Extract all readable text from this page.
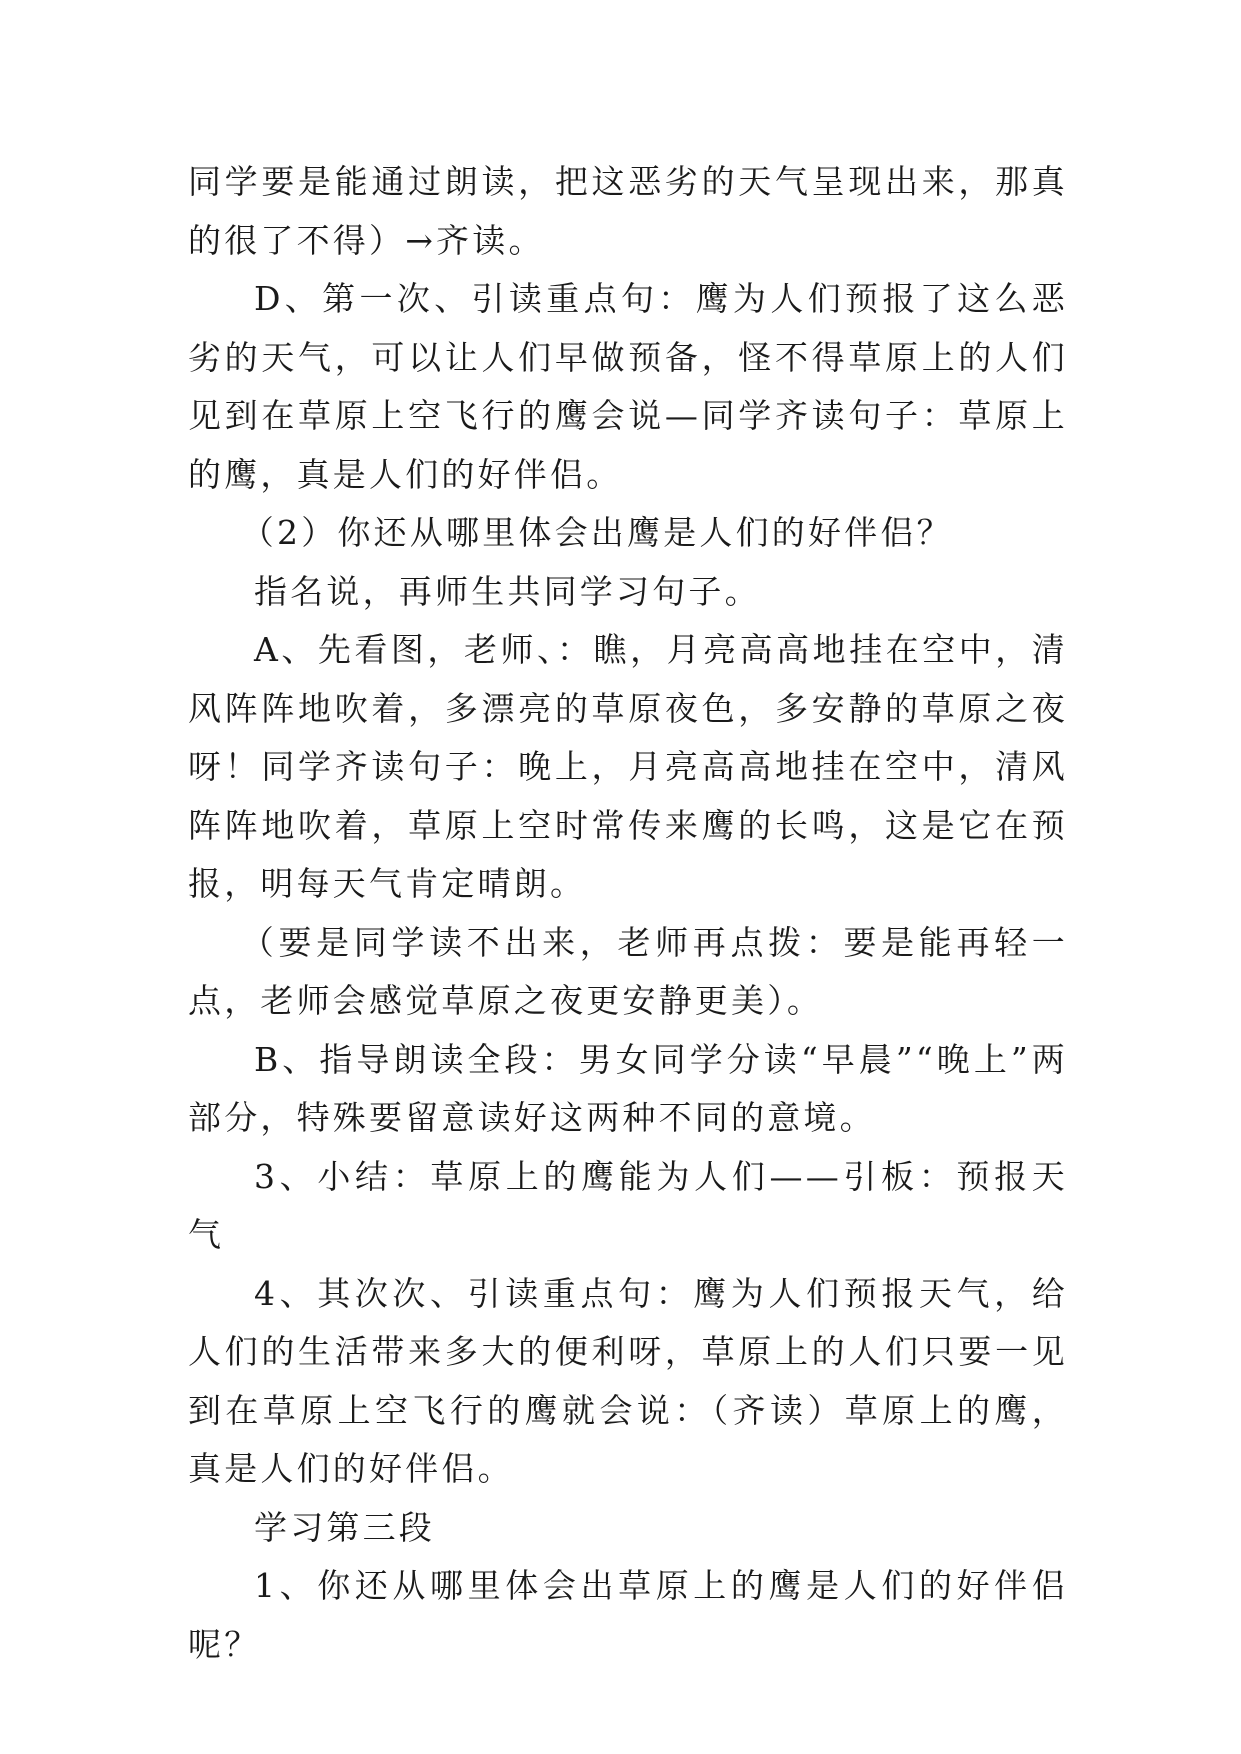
同学要是能通过朗读，把这恶劣的天气呈现出来，那真的很了不得）→齐读。

D、第一次、引读重点句：鹰为人们预报了这么恶劣的天气，可以让人们早做预备，怪不得草原上的人们见到在草原上空飞行的鹰会说—同学齐读句子：草原上的鹰，真是人们的好伴侣。

（2）你还从哪里体会出鹰是人们的好伴侣？

指名说，再师生共同学习句子。

A、先看图，老师、：瞧，月亮高高地挂在空中，清风阵阵地吹着，多漂亮的草原夜色，多安静的草原之夜呀！同学齐读句子：晚上，月亮高高地挂在空中，清风阵阵地吹着，草原上空时常传来鹰的长鸣，这是它在预报，明每天气肯定晴朗。

（要是同学读不出来，老师再点拨：要是能再轻一点，老师会感觉草原之夜更安静更美）。

B、指导朗读全段：男女同学分读“早晨”“晚上”两部分，特殊要留意读好这两种不同的意境。

3、小结：草原上的鹰能为人们——引板：预报天气

4、其次次、引读重点句：鹰为人们预报天气，给人们的生活带来多大的便利呀，草原上的人们只要一见到在草原上空飞行的鹰就会说：（齐读）草原上的鹰，真是人们的好伴侣。

学习第三段

1、你还从哪里体会出草原上的鹰是人们的好伴侣呢？
